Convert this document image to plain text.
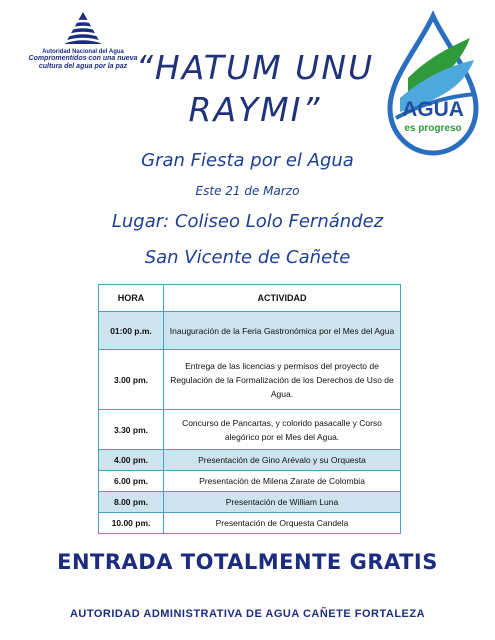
Autoridad Nacional del Agua
Compromentidos con una nueva
cultura del agua por la paz
AGUA
es progreso
“HATUM UNU
RAYMI”
Gran Fiesta por el Agua
Este 21 de Marzo
Lugar: Coliseo Lolo Fernández
San Vicente de Cañete
HORA	ACTIVIDAD
01:00 p.m.	Inauguración de la Feria Gastronómica por el Mes del Agua
3.00 pm.	Entrega de las licencias y permisos del proyecto de Regulación de la Formalización de los Derechos de Uso de Agua.
3.30 pm.	Concurso de Pancartas, y colorido pasacalle y Corso alegórico por el Mes del Agua.
4.00 pm.	Presentación de Gino Arévalo y su Orquesta
6.00 pm.	Presentación de Milena Zarate de Colombia
8.00 pm.	Presentación de William Luna
10.00 pm.	Presentación de Orquesta Candela
ENTRADA TOTALMENTE GRATIS
AUTORIDAD ADMINISTRATIVA DE AGUA CAÑETE FORTALEZA
